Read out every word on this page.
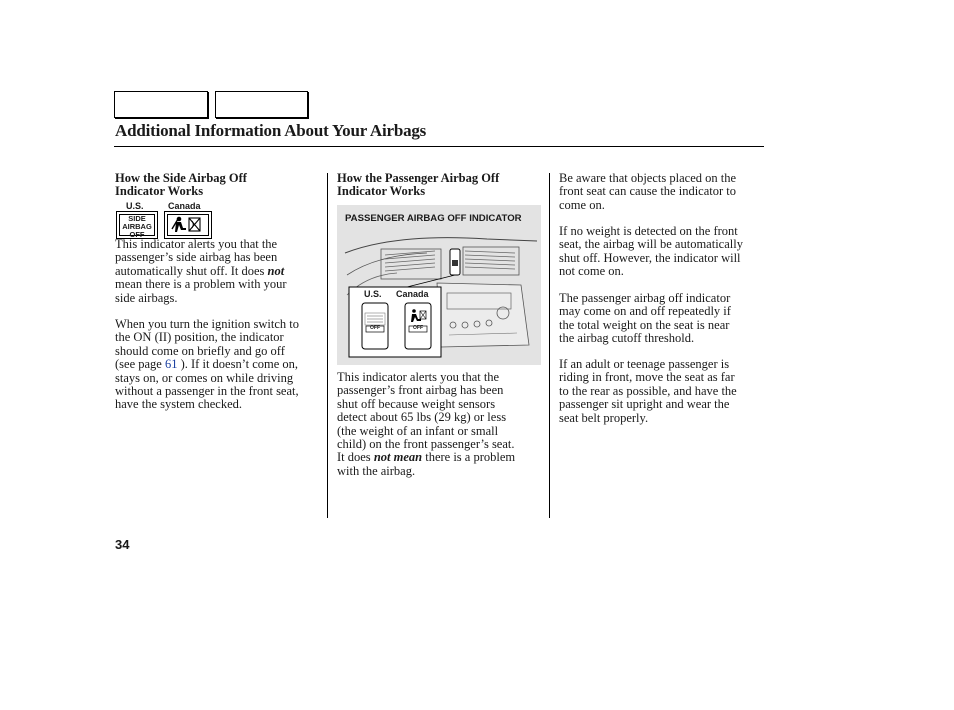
Additional Information About Your Airbags
How the Side Airbag Off
Indicator Works
U.S.	Canada
SIDE
AIRBAG
OFF
This indicator alerts you that the
passenger’s side airbag has been
automatically shut off. It does not
mean there is a problem with your
side airbags.
When you turn the ignition switch to
the ON (II) position, the indicator
should come on briefly and go off
(see page 61 ). If it doesn’t come on,
stays on, or comes on while driving
without a passenger in the front seat,
have the system checked.
How the Passenger Airbag Off
Indicator Works
PASSENGER AIRBAG OFF INDICATOR
U.S. Canada
OFF	OFF
This indicator alerts you that the
passenger’s front airbag has been
shut off because weight sensors
detect about 65 lbs (29 kg) or less
(the weight of an infant or small
child) on the front passenger’s seat.
It does not mean there is a problem
with the airbag.
Be aware that objects placed on the
front seat can cause the indicator to
come on.
If no weight is detected on the front
seat, the airbag will be automatically
shut off. However, the indicator will
not come on.
The passenger airbag off indicator
may come on and off repeatedly if
the total weight on the seat is near
the airbag cutoff threshold.
If an adult or teenage passenger is
riding in front, move the seat as far
to the rear as possible, and have the
passenger sit upright and wear the
seat belt properly.
34
